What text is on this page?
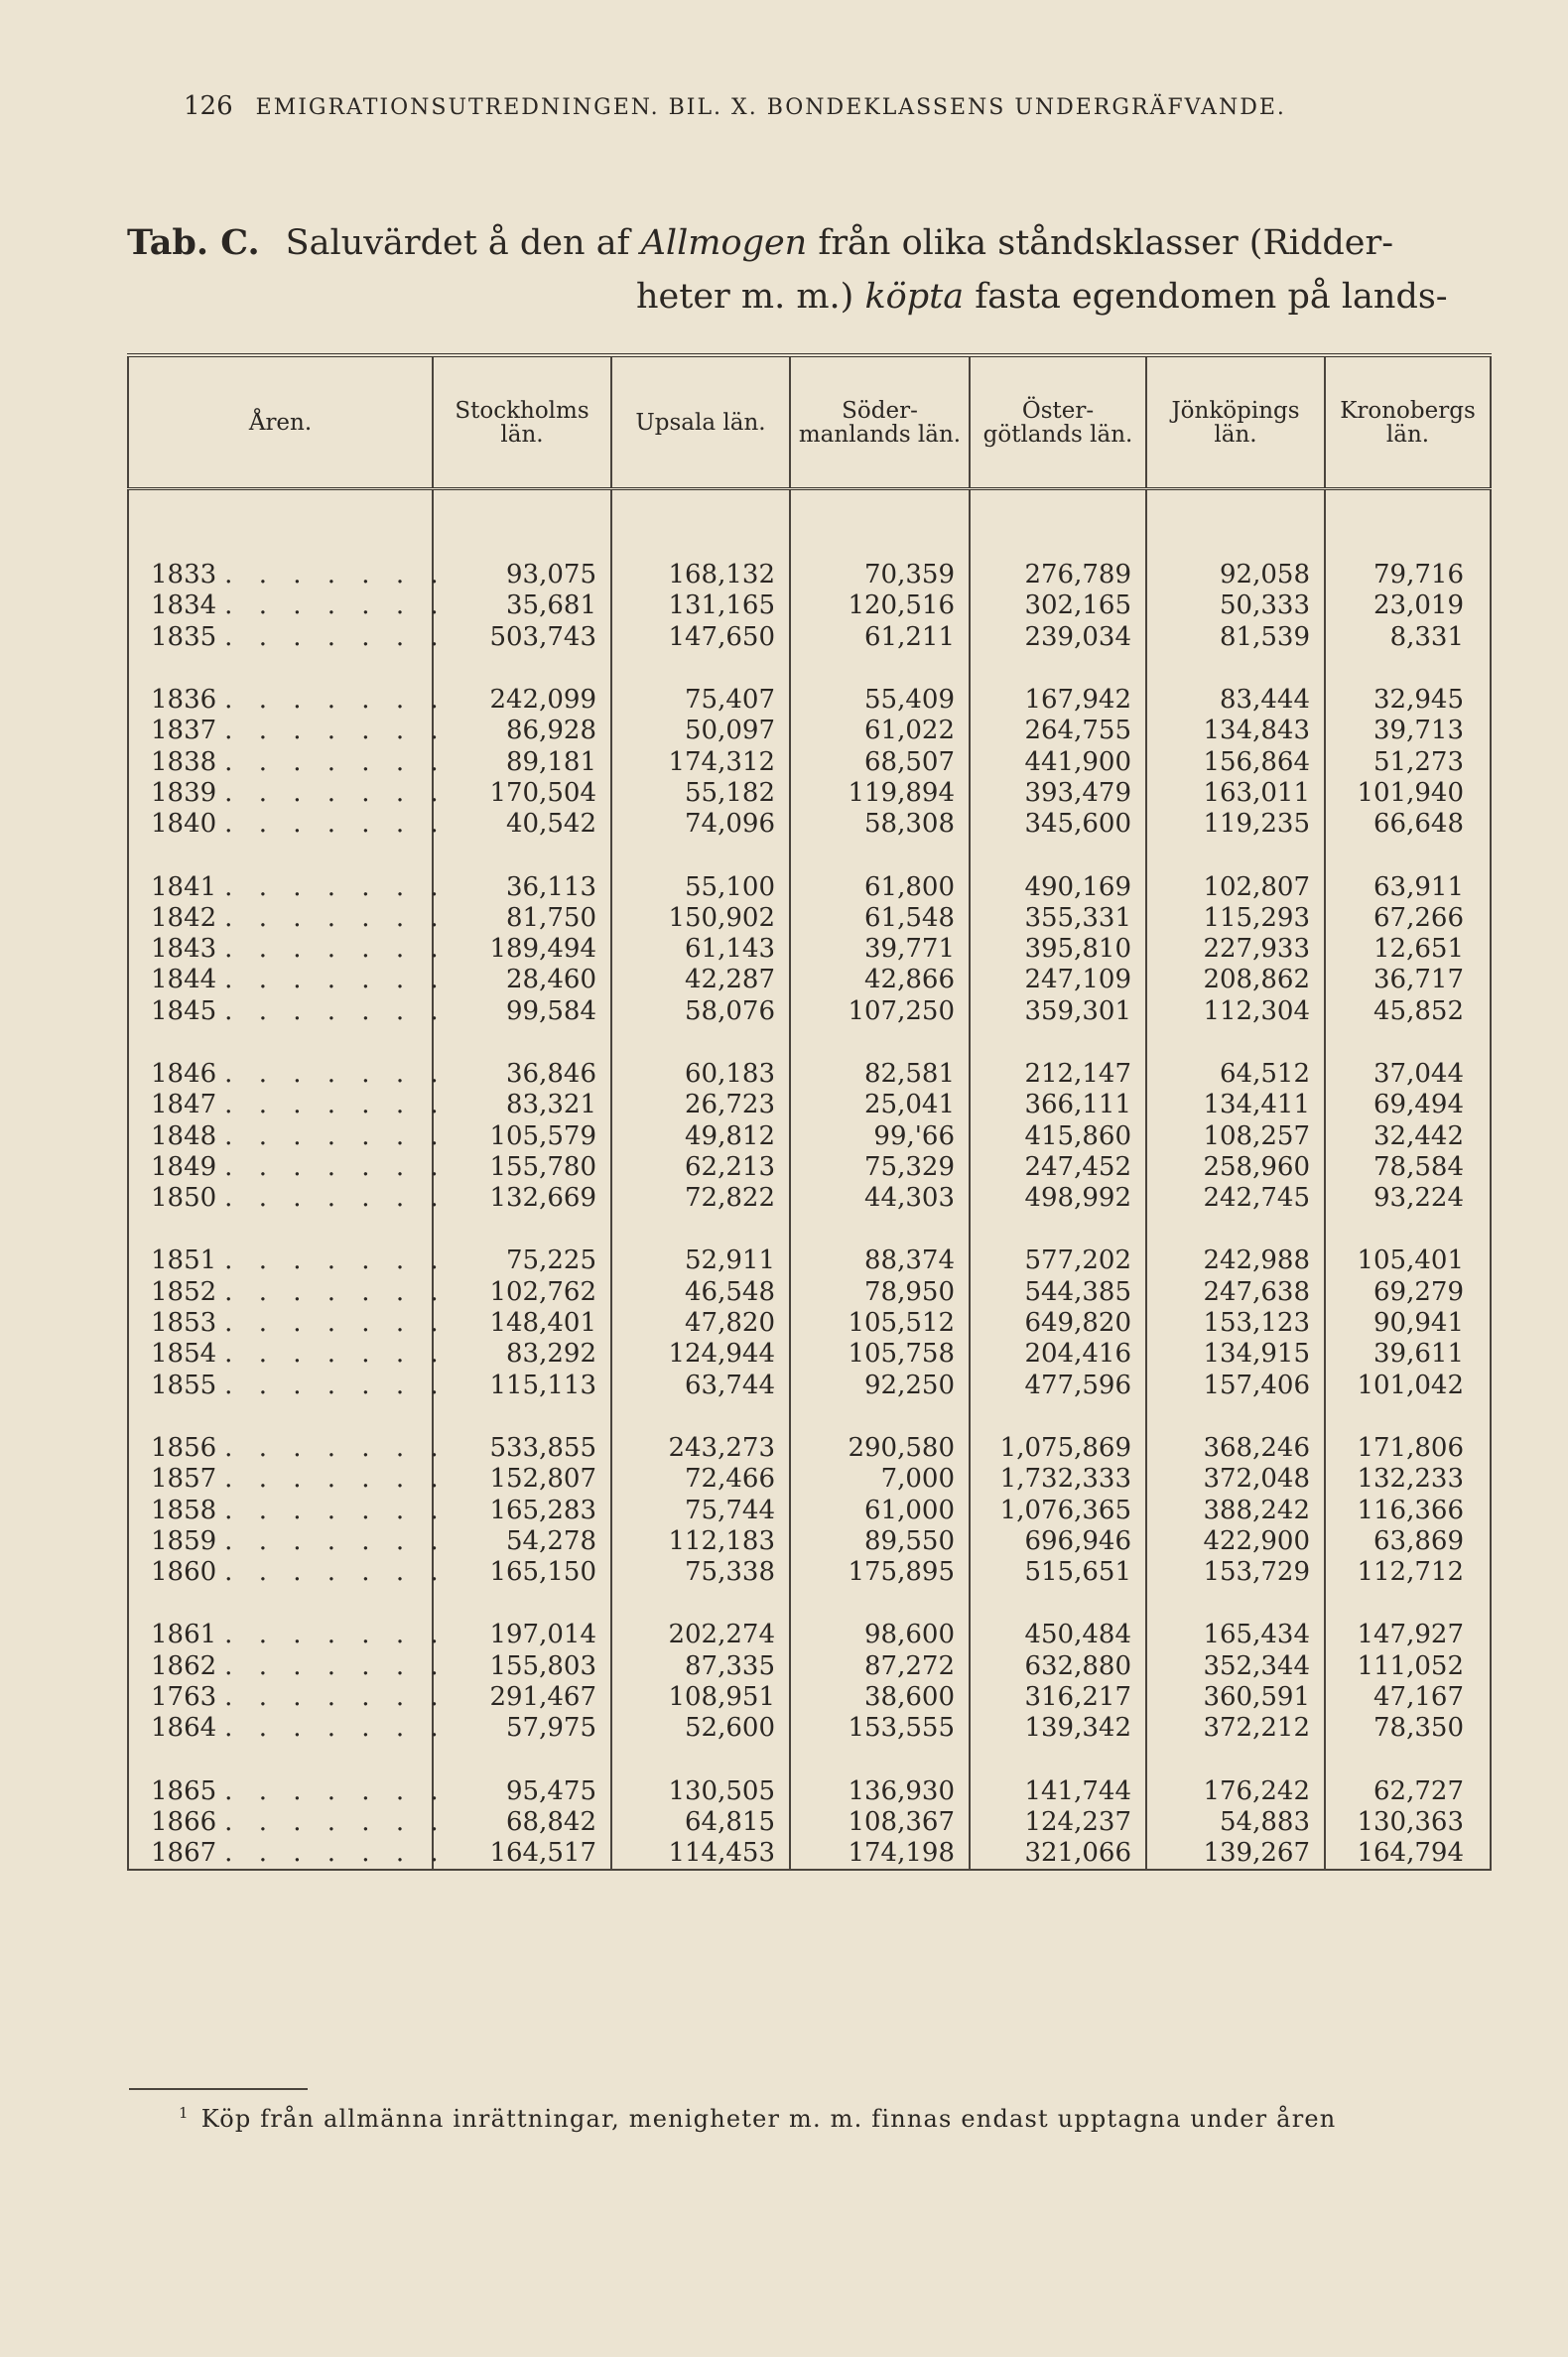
126 EMIGRATIONSUTREDNINGEN. BIL. X. BONDEKLASSENS UNDERGRÄFVANDE.
Tab. C. Saluvärdet å den af Allmogen från olika ståndsklasser (Ridder-
heter m. m.) köpta fasta egendomen på lands-
Åren.	Stockholms län.	Upsala län.	Söder-manlands län.	Öster-götlands län.	Jönköpings län.	Kronobergs län.

1833 . . . . . . .	93,075	168,132	70,359	276,789	92,058	79,716
1834 . . . . . . .	35,681	131,165	120,516	302,165	50,333	23,019
1835 . . . . . . .	503,743	147,650	61,211	239,034	81,539	8,331

1836 . . . . . . .	242,099	75,407	55,409	167,942	83,444	32,945
1837 . . . . . . .	86,928	50,097	61,022	264,755	134,843	39,713
1838 . . . . . . .	89,181	174,312	68,507	441,900	156,864	51,273
1839 . . . . . . .	170,504	55,182	119,894	393,479	163,011	101,940
1840 . . . . . . .	40,542	74,096	58,308	345,600	119,235	66,648

1841 . . . . . . .	36,113	55,100	61,800	490,169	102,807	63,911
1842 . . . . . . .	81,750	150,902	61,548	355,331	115,293	67,266
1843 . . . . . . .	189,494	61,143	39,771	395,810	227,933	12,651
1844 . . . . . . .	28,460	42,287	42,866	247,109	208,862	36,717
1845 . . . . . . .	99,584	58,076	107,250	359,301	112,304	45,852

1846 . . . . . . .	36,846	60,183	82,581	212,147	64,512	37,044
1847 . . . . . . .	83,321	26,723	25,041	366,111	134,411	69,494
1848 . . . . . . .	105,579	49,812	99,'66	415,860	108,257	32,442
1849 . . . . . . .	155,780	62,213	75,329	247,452	258,960	78,584
1850 . . . . . . .	132,669	72,822	44,303	498,992	242,745	93,224

1851 . . . . . . .	75,225	52,911	88,374	577,202	242,988	105,401
1852 . . . . . . .	102,762	46,548	78,950	544,385	247,638	69,279
1853 . . . . . . .	148,401	47,820	105,512	649,820	153,123	90,941
1854 . . . . . . .	83,292	124,944	105,758	204,416	134,915	39,611
1855 . . . . . . .	115,113	63,744	92,250	477,596	157,406	101,042

1856 . . . . . . .	533,855	243,273	290,580	1,075,869	368,246	171,806
1857 . . . . . . .	152,807	72,466	7,000	1,732,333	372,048	132,233
1858 . . . . . . .	165,283	75,744	61,000	1,076,365	388,242	116,366
1859 . . . . . . .	54,278	112,183	89,550	696,946	422,900	63,869
1860 . . . . . . .	165,150	75,338	175,895	515,651	153,729	112,712

1861 . . . . . . .	197,014	202,274	98,600	450,484	165,434	147,927
1862 . . . . . . .	155,803	87,335	87,272	632,880	352,344	111,052
1763 . . . . . . .	291,467	108,951	38,600	316,217	360,591	47,167
1864 . . . . . . .	57,975	52,600	153,555	139,342	372,212	78,350

1865 . . . . . . .	95,475	130,505	136,930	141,744	176,242	62,727
1866 . . . . . . .	68,842	64,815	108,367	124,237	54,883	130,363
1867 . . . . . . .	164,517	114,453	174,198	321,066	139,267	164,794
$^1$ Köp från allmänna inrättningar, menigheter m. m. finnas endast upptagna under åren
